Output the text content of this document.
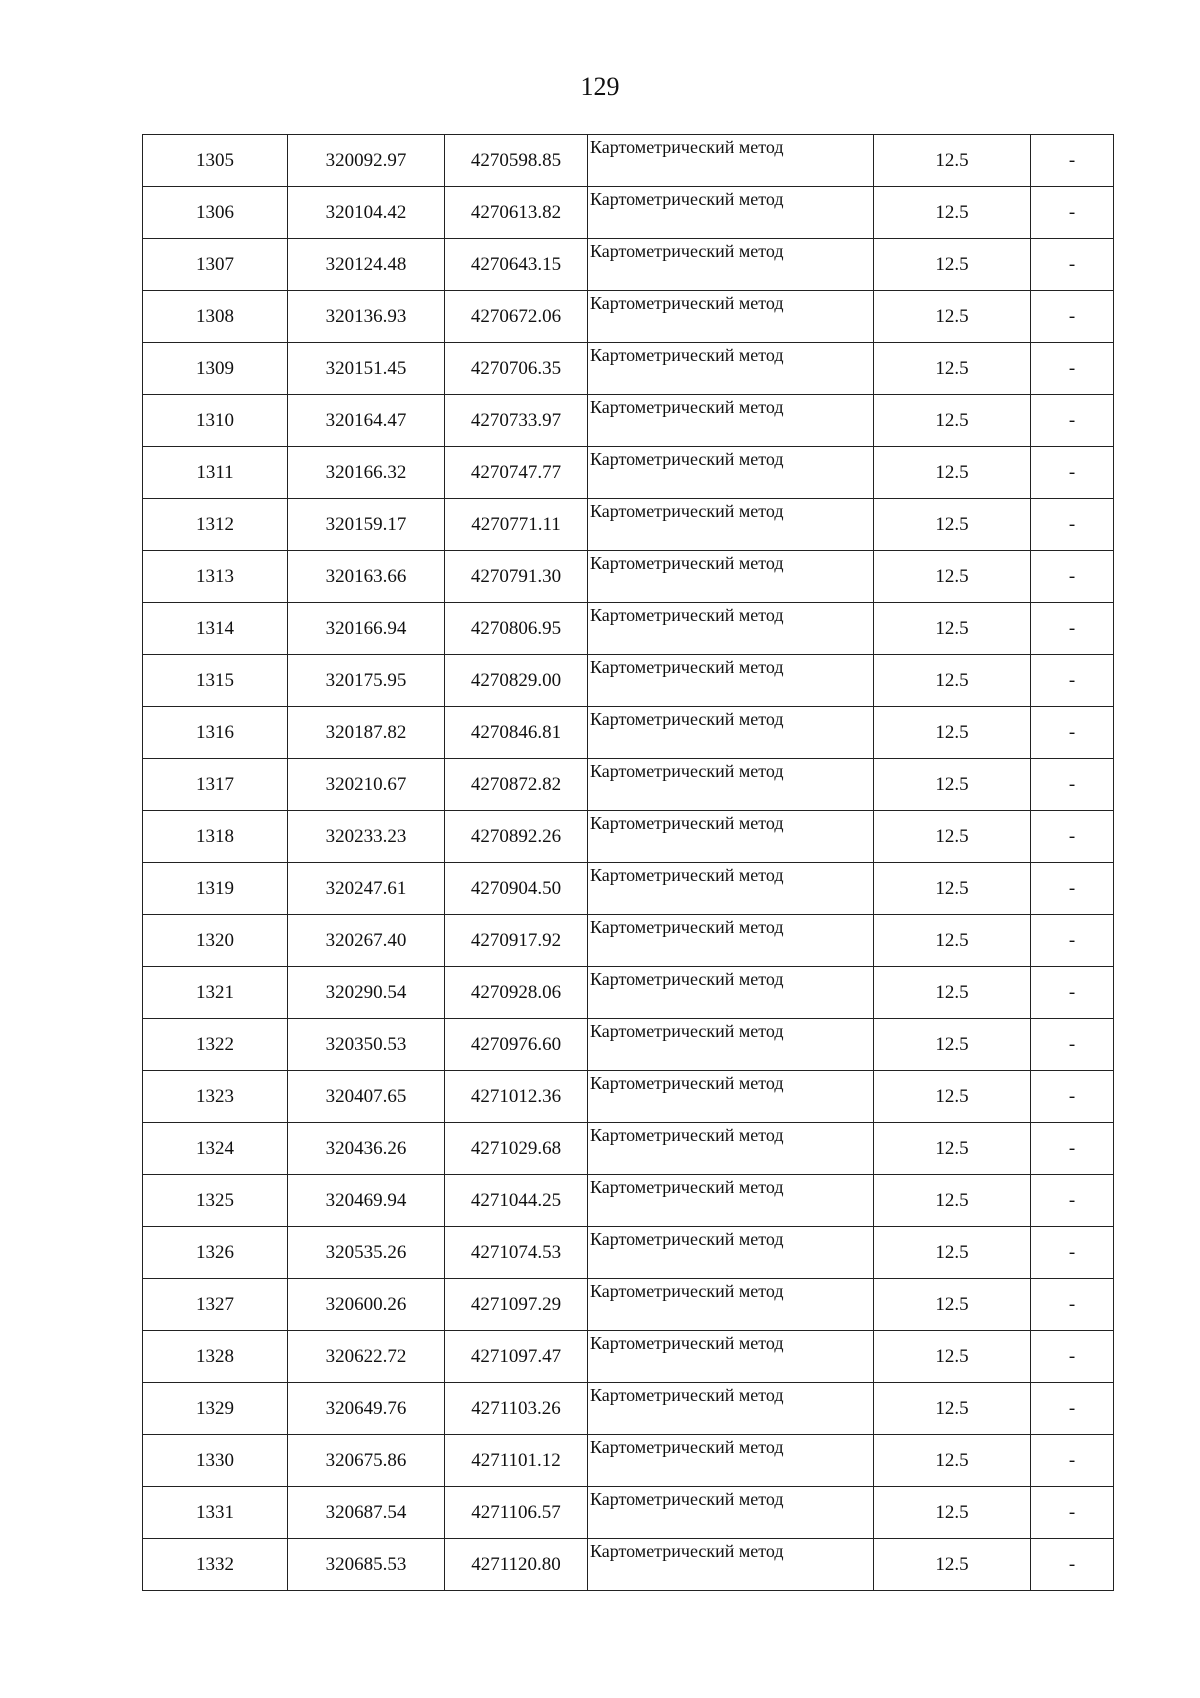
129
1305	320092.97	4270598.85	Картометрический метод	12.5	-
1306	320104.42	4270613.82	Картометрический метод	12.5	-
1307	320124.48	4270643.15	Картометрический метод	12.5	-
1308	320136.93	4270672.06	Картометрический метод	12.5	-
1309	320151.45	4270706.35	Картометрический метод	12.5	-
1310	320164.47	4270733.97	Картометрический метод	12.5	-
1311	320166.32	4270747.77	Картометрический метод	12.5	-
1312	320159.17	4270771.11	Картометрический метод	12.5	-
1313	320163.66	4270791.30	Картометрический метод	12.5	-
1314	320166.94	4270806.95	Картометрический метод	12.5	-
1315	320175.95	4270829.00	Картометрический метод	12.5	-
1316	320187.82	4270846.81	Картометрический метод	12.5	-
1317	320210.67	4270872.82	Картометрический метод	12.5	-
1318	320233.23	4270892.26	Картометрический метод	12.5	-
1319	320247.61	4270904.50	Картометрический метод	12.5	-
1320	320267.40	4270917.92	Картометрический метод	12.5	-
1321	320290.54	4270928.06	Картометрический метод	12.5	-
1322	320350.53	4270976.60	Картометрический метод	12.5	-
1323	320407.65	4271012.36	Картометрический метод	12.5	-
1324	320436.26	4271029.68	Картометрический метод	12.5	-
1325	320469.94	4271044.25	Картометрический метод	12.5	-
1326	320535.26	4271074.53	Картометрический метод	12.5	-
1327	320600.26	4271097.29	Картометрический метод	12.5	-
1328	320622.72	4271097.47	Картометрический метод	12.5	-
1329	320649.76	4271103.26	Картометрический метод	12.5	-
1330	320675.86	4271101.12	Картометрический метод	12.5	-
1331	320687.54	4271106.57	Картометрический метод	12.5	-
1332	320685.53	4271120.80	Картометрический метод	12.5	-
